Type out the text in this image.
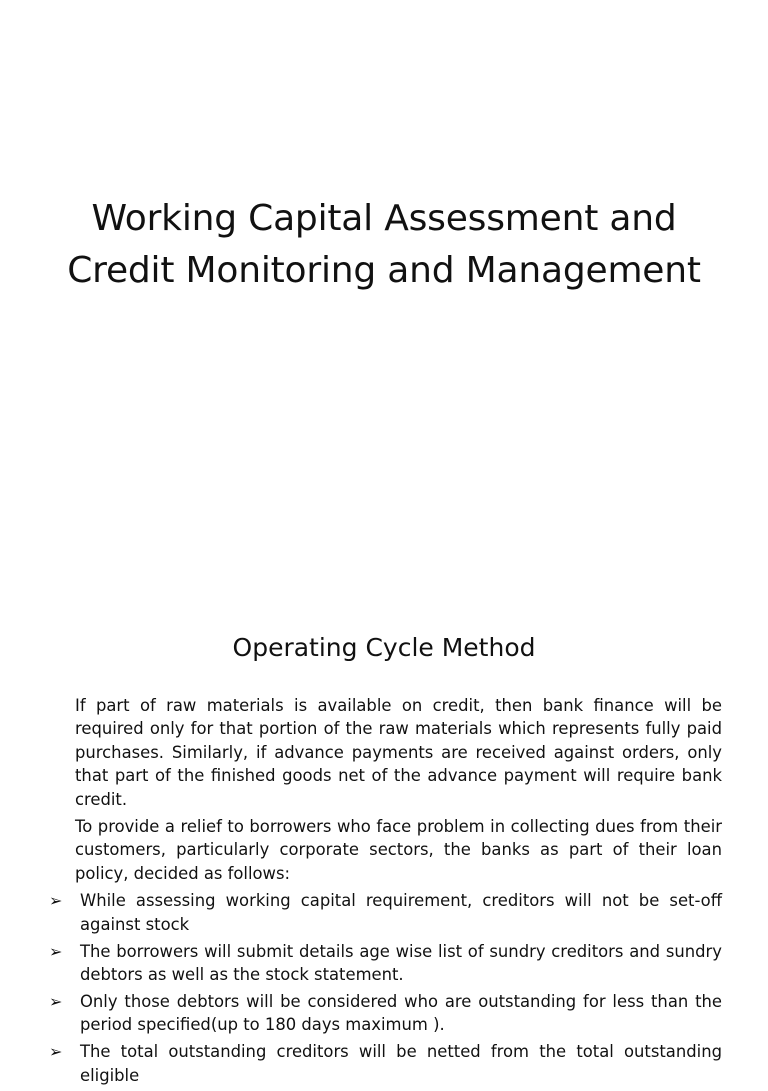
Working Capital Assessment and
Credit Monitoring and Management
Operating Cycle Method

If part of raw materials is available on credit, then bank finance will be required only for that portion of the raw materials which represents fully paid purchases. Similarly, if advance payments are received against orders, only that part of the finished goods net of the advance payment will require bank credit.

To provide a relief to borrowers who face problem in collecting dues from their customers, particularly corporate sectors, the banks as part of their loan policy, decided as follows:

➢ While assessing working capital requirement, creditors will not be set-off against stock
➢ The borrowers will submit details age wise list of sundry creditors and sundry debtors as well as the stock statement.
➢ Only those debtors will be considered who are outstanding for less than the period specified(up to 180 days maximum ).
➢ The total outstanding creditors will be netted from the total outstanding eligible
